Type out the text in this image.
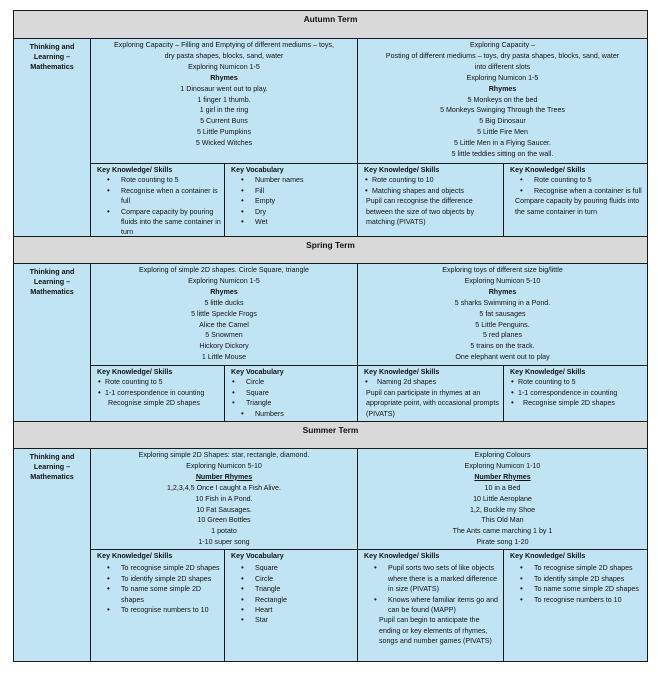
Autumn Term
Thinking and
Learning –
Mathematics
Exploring Capacity – Filling and Emptying of different mediums – toys,
dry pasta shapes, blocks, sand, water
Exploring Numicon 1-5
Rhymes
1 Dinosaur went out to play.
1 finger 1 thumb.
1 girl in the ring
5 Current Buns
5 Little Pumpkins
5 Wicked Witches
Exploring Capacity –
Posting of different mediums – toys, dry pasta shapes, blocks, sand, water
into different slots
Exploring Numicon 1-5
Rhymes
5 Monkeys on the bed
5 Monkeys Swinging Through the Trees
5 Big Dinosaur
5 Little Fire Men
5 Little Men in a Flying Saucer.
5 little teddies sitting on the wall.
Key Knowledge/ Skills
• Rote counting to 5
• Recognise when a container is full
• Compare capacity by pouring fluids into the same container in turn
Key Vocabulary
• Number names
• Fill
• Empty
• Dry
• Wet
Key Knowledge/ Skills
• Rote counting to 10
• Matching shapes and objects
Pupil can recognise the difference between the size of two objects by matching (PIVATS)
Key Knowledge/ Skills
• Rote counting to 5
• Recognise when a container is full
Compare capacity by pouring fluids into the same container in turn
Spring Term
Thinking and
Learning –
Mathematics
Exploring of simple 2D shapes. Circle Square, triangle
Exploring Numicon 1-5
Rhymes
5 little ducks
5 little Speckle Frogs
Alice the Camel
5 Snowmen
Hickory Dickory
1 Little Mouse
Exploring toys of different size big/little
Exploring Numicon 5-10
Rhymes
5 sharks Swimming in a Pond.
5 fat sausages
5 Little Penguins.
5 red planes
5 trains on the track.
One elephant went out to play
Key Knowledge/ Skills
• Rote counting to 5
• 1-1 correspondence in counting
Recognise simple 2D shapes
Key Vocabulary
• Circle
• Square
• Triangle
• Numbers
Key Knowledge/ Skills
• Naming 2d shapes
Pupil can participate in rhymes at an appropriate point, with occasional prompts (PIVATS)
Key Knowledge/ Skills
• Rote counting to 5
• 1-1 correspondence in counting
• Recognise simple 2D shapes
Summer Term
Thinking and
Learning –
Mathematics
Exploring simple 2D Shapes: star, rectangle, diamond.
Exploring Numicon 5-10
Number Rhymes
1,2,3,4,5 Once I caught a Fish Alive.
10 Fish in A Pond.
10 Fat Sausages.
10 Green Bottles
1 potato
1-10 super song
Exploring Colours
Exploring Numicon 1-10
Number Rhymes
10 in a Bed
10 Little Aeroplane
1,2, Buckle my Shoe
This Old Man
The Ants came marching 1 by 1
Pirate song 1-20
Key Knowledge/ Skills
• To recognise simple 2D shapes
• To identify simple 2D shapes
• To name some simple 2D shapes
• To recognise numbers to 10
Key Vocabulary
• Square
• Circle
• Triangle
• Rectangle
• Heart
• Star
Key Knowledge/ Skills
• Pupil sorts two sets of like objects where there is a marked difference in size (PIVATS)
• Knows where familiar items go and can be found (MAPP)
Pupil can begin to anticipate the ending or key elements of rhymes, songs and number games (PIVATS)
Key Knowledge/ Skills
• To recognise simple 2D shapes
• To identify simple 2D shapes
• To name some simple 2D shapes
• To recognise numbers to 10
